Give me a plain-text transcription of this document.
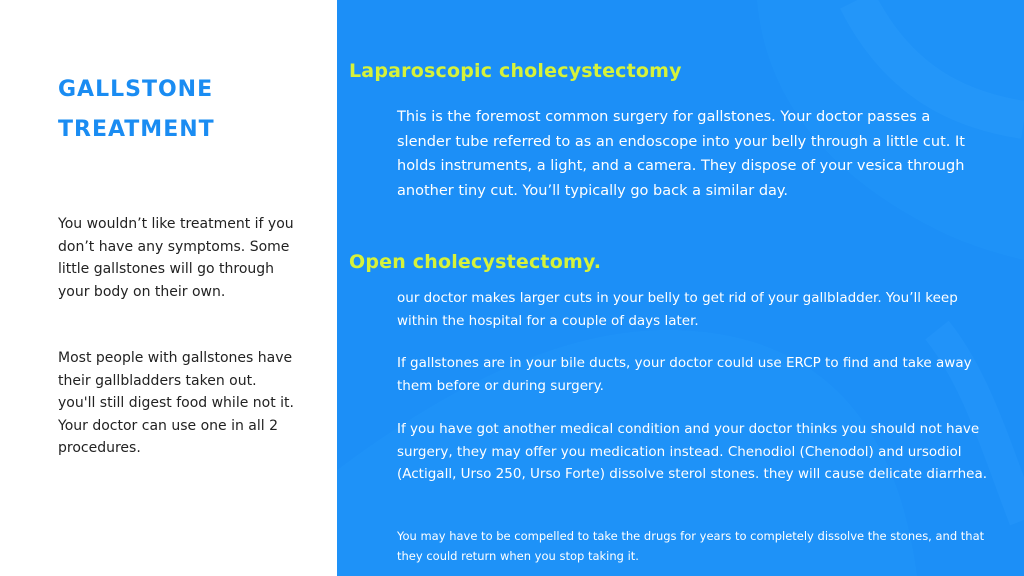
GALLSTONE TREATMENT

You wouldn’t like treatment if you don’t have any symptoms. Some little gallstones will go through your body on their own.

Most people with gallstones have their gallbladders taken out. you'll still digest food while not it. Your doctor can use one in all 2 procedures.

Laparoscopic cholecystectomy

This is the foremost common surgery for gallstones. Your doctor passes a slender tube referred to as an endoscope into your belly through a little cut. It holds instruments, a light, and a camera. They dispose of your vesica through another tiny cut. You’ll typically go back a similar day.

Open cholecystectomy.

our doctor makes larger cuts in your belly to get rid of your gallbladder. You’ll keep within the hospital for a couple of days later.

If gallstones are in your bile ducts, your doctor could use ERCP to find and take away them before or during surgery.

If you have got another medical condition and your doctor thinks you should not have surgery, they may offer you medication instead. Chenodiol (Chenodol) and ursodiol (Actigall, Urso 250, Urso Forte) dissolve sterol stones. they will cause delicate diarrhea.

You may have to be compelled to take the drugs for years to completely dissolve the stones, and that they could return when you stop taking it.
